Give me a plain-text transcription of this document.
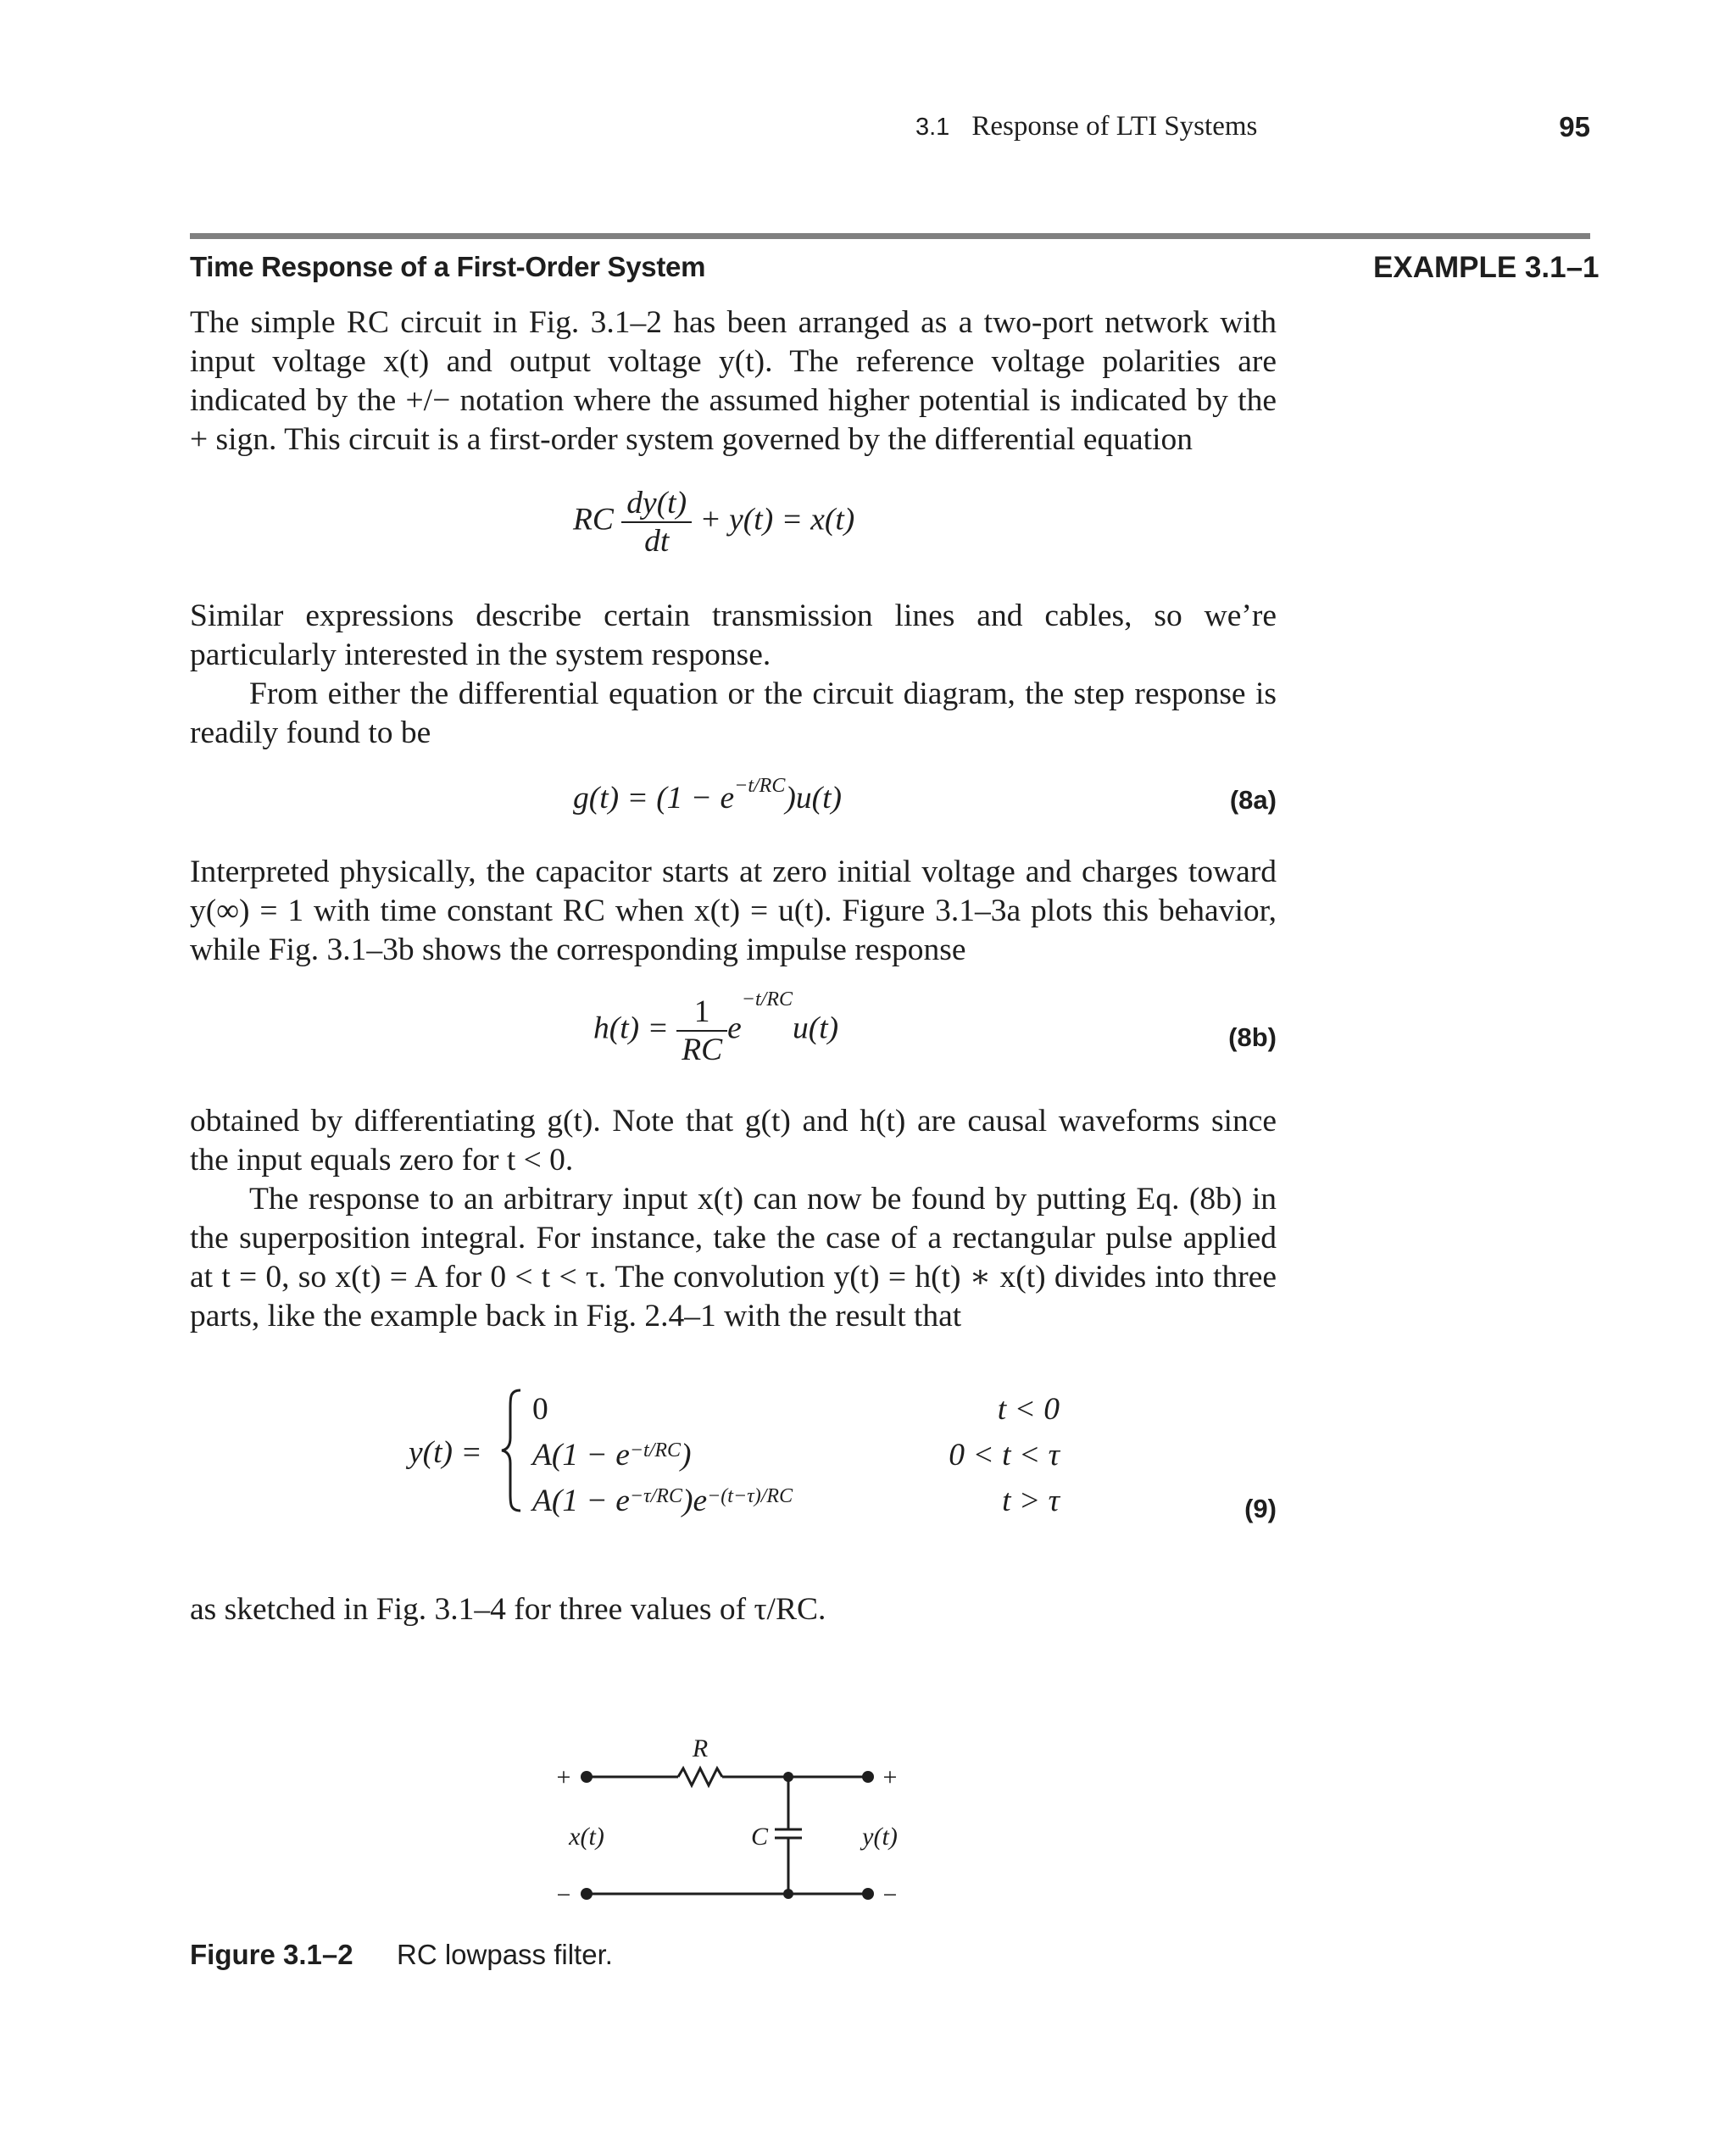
3.1 Response of LTI Systems	95
Time Response of a First-Order System	EXAMPLE 3.1–1

The simple RC circuit in Fig. 3.1–2 has been arranged as a two-port network with input voltage x(t) and output voltage y(t). The reference voltage polarities are indicated by the +/− notation where the assumed higher potential is indicated by the + sign. This circuit is a first-order system governed by the differential equation

RC $\frac{dy(t)}{dt} + y(t) = x(t)$

Similar expressions describe certain transmission lines and cables, so we’re particularly interested in the system response.

From either the differential equation or the circuit diagram, the step response is readily found to be

$g(t) = (1 - e^{-t/RC})u(t)$	(8a)

Interpreted physically, the capacitor starts at zero initial voltage and charges toward y(∞) = 1 with time constant RC when x(t) = u(t). Figure 3.1–3a plots this behavior, while Fig. 3.1–3b shows the corresponding impulse response

$h(t) = \frac{1}{RC} e^{-t/RC}u(t)$	(8b)

obtained by differentiating g(t). Note that g(t) and h(t) are causal waveforms since the input equals zero for t < 0.

The response to an arbitrary input x(t) can now be found by putting Eq. (8b) in the superposition integral. For instance, take the case of a rectangular pulse applied at t = 0, so x(t) = A for 0 < t < τ. The convolution y(t) = h(t) ∗ x(t) divides into three parts, like the example back in Fig. 2.4–1 with the result that

y(t) =
0
$A(1 - e^{-t/RC})$
$A(1 - e^{-\tau/RC})e^{-(t-\tau)/RC}$
t < 0
0 < t < τ
t > τ	(9)

as sketched in Fig. 3.1–4 for three values of τ/RC.

+
−
x(t)
R
C
+
−
y(t)
Figure 3.1–2 RC lowpass filter.
